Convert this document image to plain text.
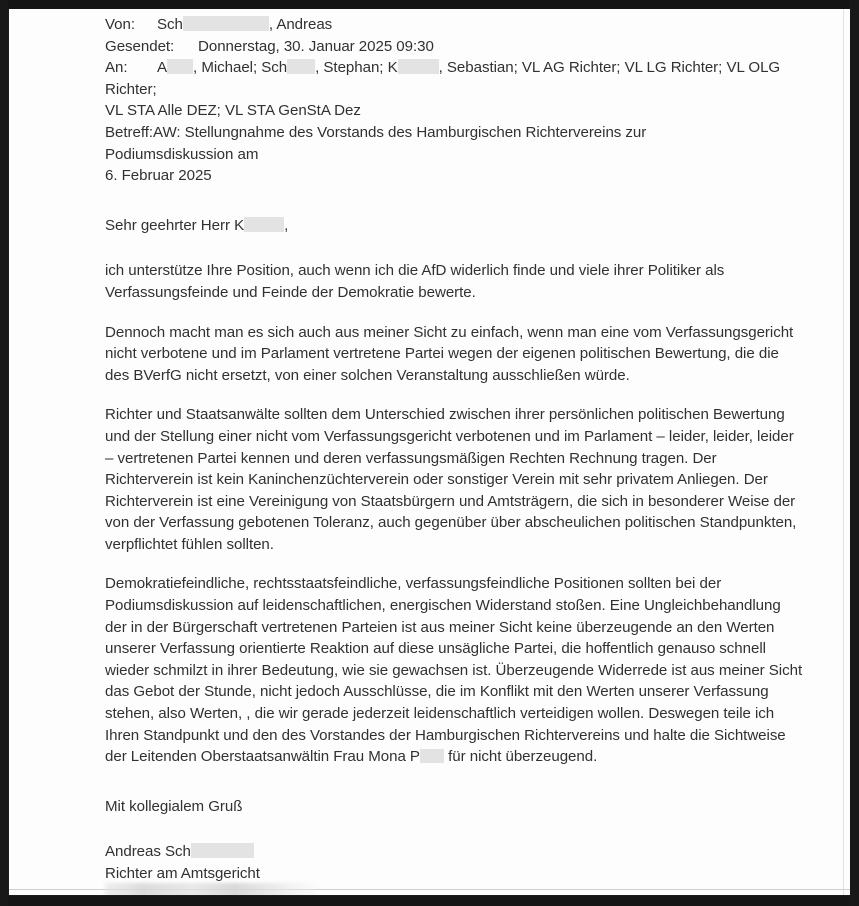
Von: Sch	, Andreas
Gesendet: Donnerstag, 30. Januar 2025 09:30
An: A , Michael; Sch , Stephan; K	, Sebastian; VL AG Richter; VL LG Richter; VL OLG
Richter;
VL STA Alle DEZ; VL STA GenStA Dez
Betreff:AW: Stellungnahme des Vorstands des Hamburgischen Richtervereins zur
Podiumsdiskussion am
6. Februar 2025

Sehr geehrter Herr K	,

ich unterstütze Ihre Position, auch wenn ich die AfD widerlich finde und viele ihrer Politiker als Verfassungsfeinde und Feinde der Demokratie bewerte.

Dennoch macht man es sich auch aus meiner Sicht zu einfach, wenn man eine vom Verfassungsgericht nicht verbotene und im Parlament vertretene Partei wegen der eigenen politischen Bewertung, die die des BVerfG nicht ersetzt, von einer solchen Veranstaltung ausschließen würde.

Richter und Staatsanwälte sollten dem Unterschied zwischen ihrer persönlichen politischen Bewertung und der Stellung einer nicht vom Verfassungsgericht verbotenen und im Parlament – leider, leider, leider – vertretenen Partei kennen und deren verfassungsmäßigen Rechten Rechnung tragen. Der Richterverein ist kein Kaninchenzüchterverein oder sonstiger Verein mit sehr privatem Anliegen. Der Richterverein ist eine Vereinigung von Staatsbürgern und Amtsträgern, die sich in besonderer Weise der von der Verfassung gebotenen Toleranz, auch gegenüber über abscheulichen politischen Standpunkten, verpflichtet fühlen sollten.

Demokratiefeindliche, rechtsstaatsfeindliche, verfassungsfeindliche Positionen sollten bei der Podiumsdiskussion auf leidenschaftlichen, energischen Widerstand stoßen. Eine Ungleichbehandlung der in der Bürgerschaft vertretenen Parteien ist aus meiner Sicht keine überzeugende an den Werten unserer Verfassung orientierte Reaktion auf diese unsägliche Partei, die hoffentlich genauso schnell wieder schmilzt in ihrer Bedeutung, wie sie gewachsen ist. Überzeugende Widerrede ist aus meiner Sicht das Gebot der Stunde, nicht jedoch Ausschlüsse, die im Konflikt mit den Werten unserer Verfassung stehen, also Werten, , die wir gerade jederzeit leidenschaftlich verteidigen wollen. Deswegen teile ich Ihren Standpunkt und den des Vorstandes der Hamburgischen Richtervereins und halte die Sichtweise der Leitenden Oberstaatsanwältin Frau Mona P für nicht überzeugend.

Mit kollegialem Gruß
Andreas Sch
Richter am Amtsgericht
